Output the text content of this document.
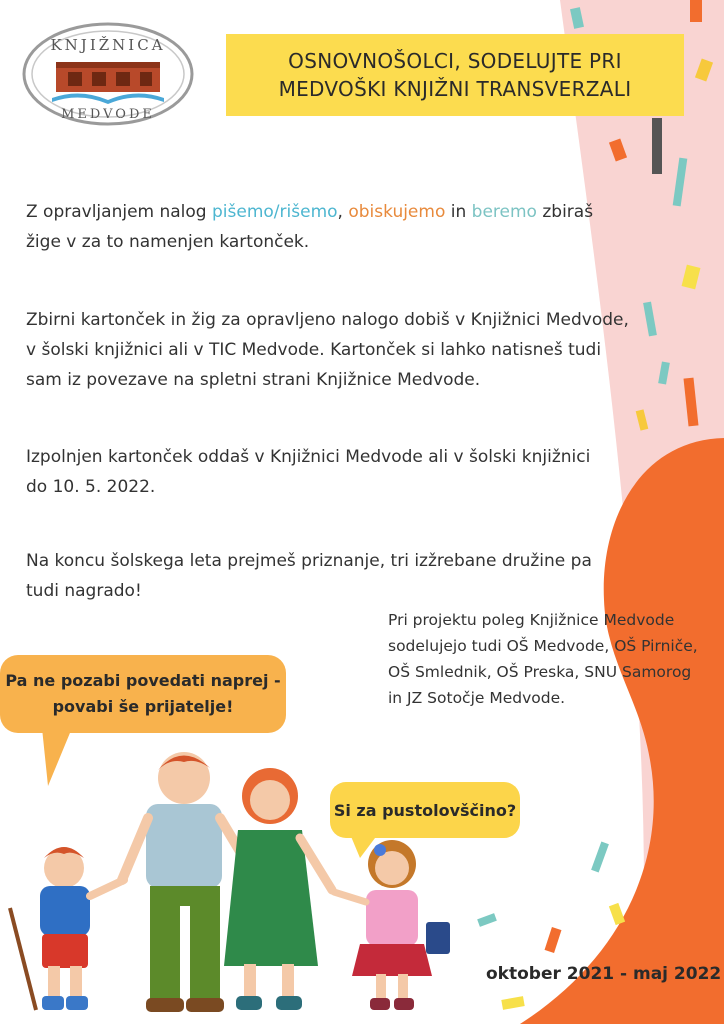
KNJIŽNICA
MEDVODE
OSNOVNOŠOLCI, SODELUJTE PRI
MEDVOŠKI KNJIŽNI TRANSVERZALI
Z opravljanjem nalog pišemo/rišemo, obiskujemo in beremo zbiraš
žige v za to namenjen kartonček.
Zbirni kartonček in žig za opravljeno nalogo dobiš v Knjižnici Medvode,
v šolski knjižnici ali v TIC Medvode. Kartonček si lahko natisneš tudi
sam iz povezave na spletni strani Knjižnice Medvode.
Izpolnjen kartonček oddaš v Knjižnici Medvode ali v šolski knjižnici
do 10. 5. 2022.
Na koncu šolskega leta prejmeš priznanje, tri izžrebane družine pa
tudi nagrado!
Pri projektu poleg Knjižnice Medvode
sodelujejo tudi OŠ Medvode, OŠ Pirniče,
OŠ Smlednik, OŠ Preska, SNU Samorog
in JZ Sotočje Medvode.
Pa ne pozabi povedati naprej -
povabi še prijatelje!
Si za pustolovščino?
oktober 2021 - maj 2022
